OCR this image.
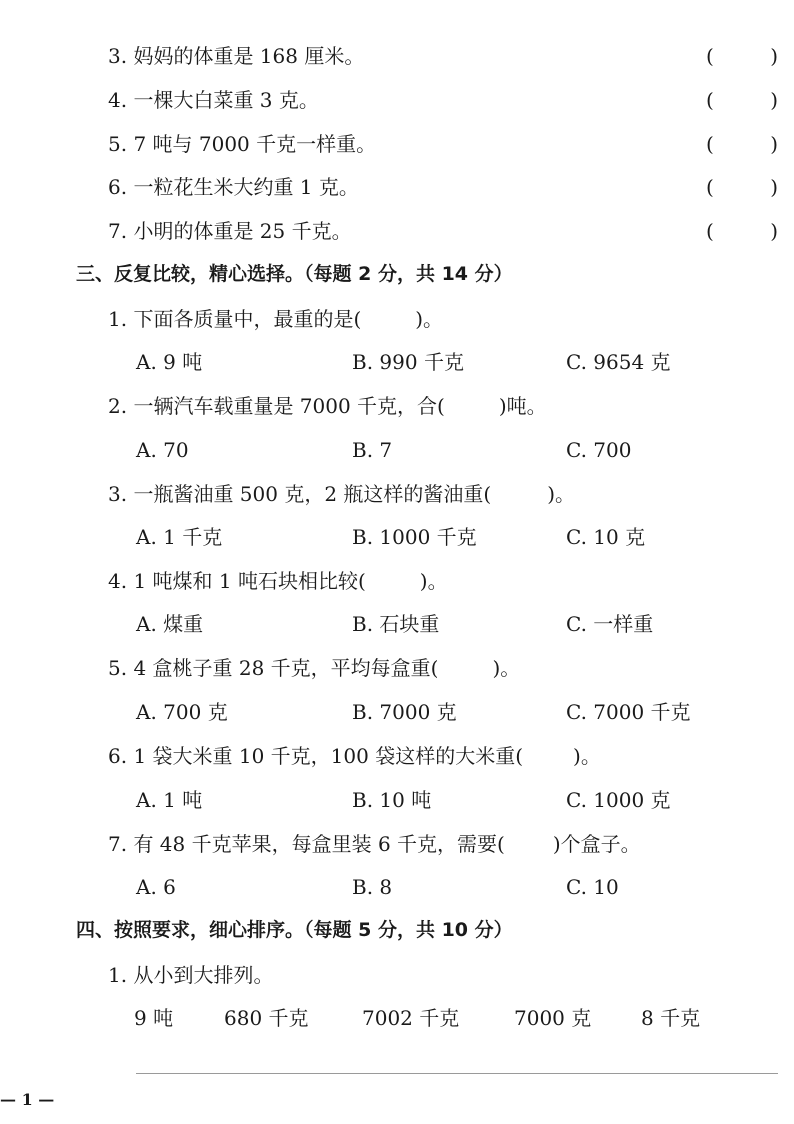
3. 妈妈的体重是 168 厘米。	(	)
4. 一棵大白菜重 3 克。	(	)
5. 7 吨与 7000 千克一样重。	(	)
6. 一粒花生米大约重 1 克。	(	)
7. 小明的体重是 25 千克。	(	)
三、反复比较，精心选择。（每题 2 分，共 14 分）
1. 下面各质量中，最重的是(	)。
A. 9 吨	B. 990 千克	C. 9654 克
2. 一辆汽车载重量是 7000 千克，合(	)吨。
A. 70	B. 7	C. 700
3. 一瓶酱油重 500 克，2 瓶这样的酱油重(	)。
A. 1 千克	B. 1000 千克	C. 10 克
4. 1 吨煤和 1 吨石块相比较(	)。
A. 煤重	B. 石块重	C. 一样重
5. 4 盒桃子重 28 千克，平均每盒重(	)。
A. 700 克	B. 7000 克	C. 7000 千克
6. 1 袋大米重 10 千克，100 袋这样的大米重(	)。
A. 1 吨	B. 10 吨	C. 1000 克
7. 有 48 千克苹果，每盒里装 6 千克，需要( )个盒子。
A. 6	B. 8	C. 10
四、按照要求，细心排序。（每题 5 分，共 10 分）
1. 从小到大排列。
9 吨	680 千克	7002 千克	7000 克 8 千克
— 1 —
